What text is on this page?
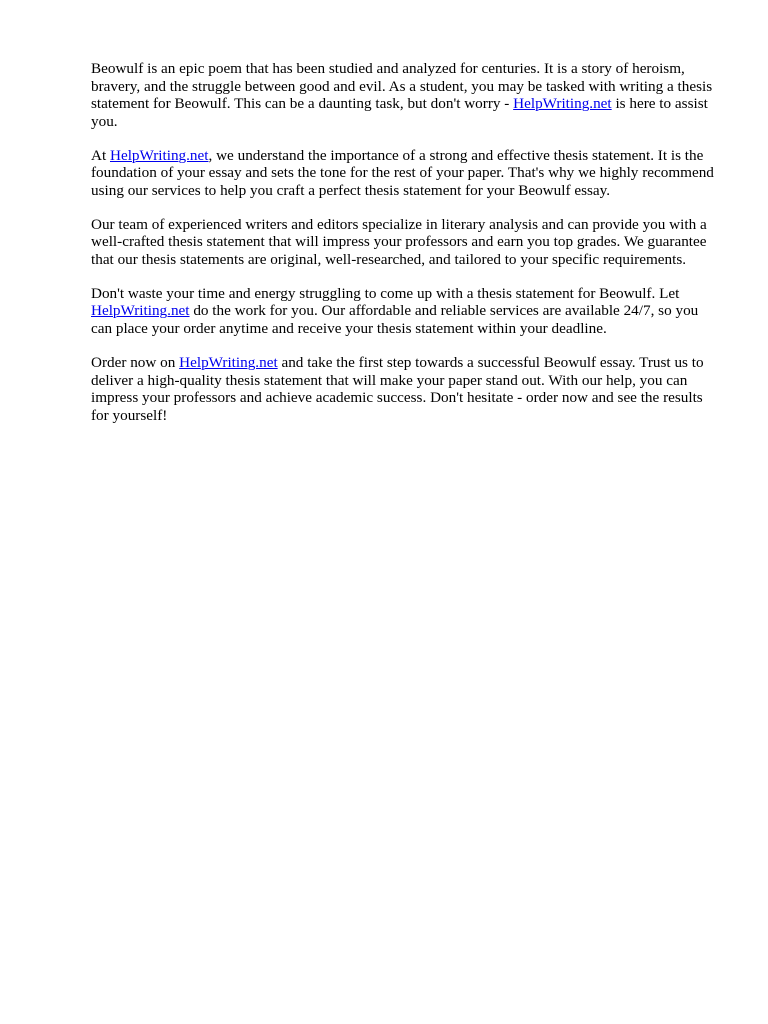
Beowulf is an epic poem that has been studied and analyzed for centuries. It is a story of heroism, bravery, and the struggle between good and evil. As a student, you may be tasked with writing a thesis statement for Beowulf. This can be a daunting task, but don't worry - HelpWriting.net is here to assist you.

At HelpWriting.net, we understand the importance of a strong and effective thesis statement. It is the foundation of your essay and sets the tone for the rest of your paper. That's why we highly recommend using our services to help you craft a perfect thesis statement for your Beowulf essay.

Our team of experienced writers and editors specialize in literary analysis and can provide you with a well-crafted thesis statement that will impress your professors and earn you top grades. We guarantee that our thesis statements are original, well-researched, and tailored to your specific requirements.

Don't waste your time and energy struggling to come up with a thesis statement for Beowulf. Let HelpWriting.net do the work for you. Our affordable and reliable services are available 24/7, so you can place your order anytime and receive your thesis statement within your deadline.

Order now on HelpWriting.net and take the first step towards a successful Beowulf essay. Trust us to deliver a high-quality thesis statement that will make your paper stand out. With our help, you can impress your professors and achieve academic success. Don't hesitate - order now and see the results for yourself!
